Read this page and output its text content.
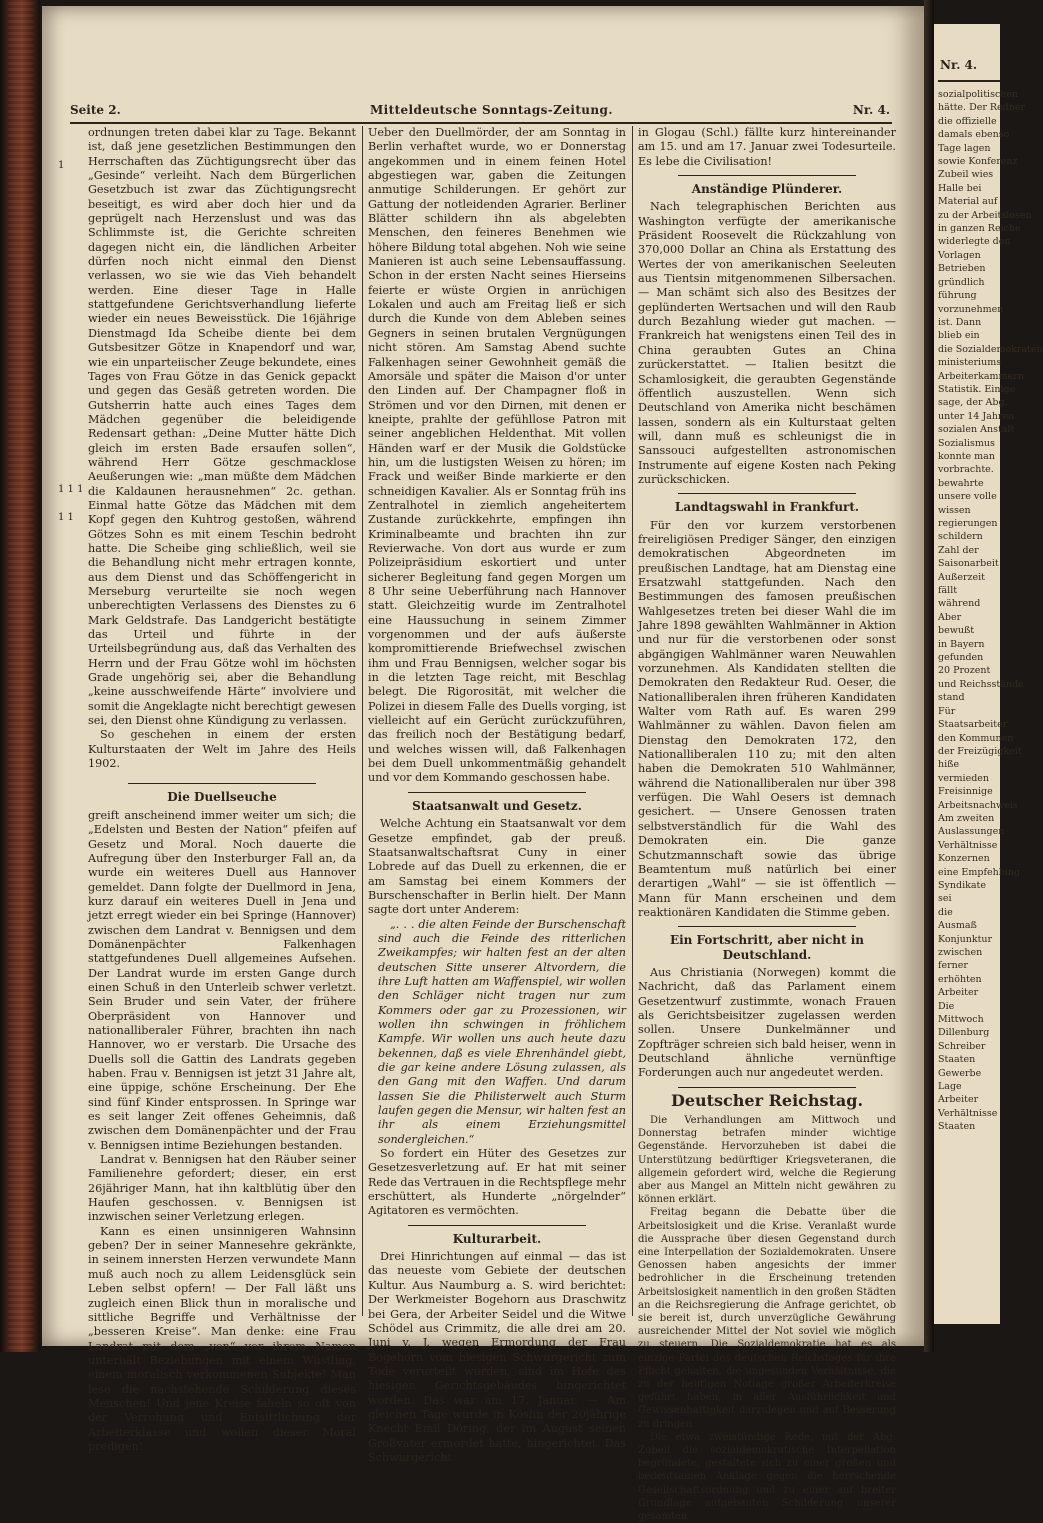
Nr. 4.
sozialpolitischen
hätte. Der Redner
die offizielle
damals ebenso
Tage lagen
sowie Konferenz
Zubeil wies
Halle bei
Material auf
zu der Arbeitslosen
in ganzen Reiche
widerlegte den
Vorlagen
Betrieben
gründlich
führung
vorzunehmen
ist. Dann
blieb ein
die Sozialdemokraten
ministeriums
Arbeiterkammern
Statistik. Einige
sage, der Abg.
unter 14 Jahren
sozialen Anstalt
Sozialismus
konnte man
vorbrachte.
bewahrte
unsere volle
wissen
regierungen
schildern
Zahl der
Saisonarbeit
Außerzeit
fällt
während
Aber
bewußt
in Bayern
gefunden
20 Prozent
und Reichsstände
stand
Für
Staatsarbeiter
den Kommunen
der Freizügigkeit
hiße
vermieden
Freisinnige
Arbeitsnachweis
Am zweiten
Auslassungen
Verhältnisse
Konzernen
eine Empfehlung
Syndikate
sei
die
Ausmaß
Konjunktur
zwischen
ferner
erhöhten
Arbeiter
Die
Mittwoch
Dillenburg
Schreiber
Staaten
Gewerbe
Lage
Arbeiter
Verhältnisse
Staaten
1
1 1 1
1 1
Seite 2.	Mitteldeutsche Sonntags-Zeitung.	Nr. 4.

ordnungen treten dabei klar zu Tage. Bekannt ist, daß jene gesetzlichen Bestimmungen den Herrschaften das Züchtigungsrecht über das „Gesinde“ verleiht. Nach dem Bürgerlichen Gesetzbuch ist zwar das Züchtigungsrecht beseitigt, es wird aber doch hier und da geprügelt nach Herzenslust und was das Schlimmste ist, die Gerichte schreiten dagegen nicht ein, die ländlichen Arbeiter dürfen noch nicht einmal den Dienst verlassen, wo sie wie das Vieh behandelt werden. Eine dieser Tage in Halle stattgefundene Gerichtsverhandlung lieferte wieder ein neues Beweisstück. Die 16jährige Dienstmagd Ida Scheibe diente bei dem Gutsbesitzer Götze in Knapendorf und war, wie ein unparteiischer Zeuge bekundete, eines Tages von Frau Götze in das Genick gepackt und gegen das Gesäß getreten worden. Die Gutsherrin hatte auch eines Tages dem Mädchen gegenüber die beleidigende Redensart gethan: „Deine Mutter hätte Dich gleich im ersten Bade ersaufen sollen“, während Herr Götze geschmacklose Aeußerungen wie: „man müßte dem Mädchen die Kaldaunen herausnehmen“ 2c. gethan. Einmal hatte Götze das Mädchen mit dem Kopf gegen den Kuhtrog gestoßen, während Götzes Sohn es mit einem Teschin bedroht hatte. Die Scheibe ging schließlich, weil sie die Behandlung nicht mehr ertragen konnte, aus dem Dienst und das Schöffengericht in Merseburg verurteilte sie noch wegen unberechtigten Verlassens des Dienstes zu 6 Mark Geldstrafe. Das Landgericht bestätigte das Urteil und führte in der Urteilsbegründung aus, daß das Verhalten des Herrn und der Frau Götze wohl im höchsten Grade ungehörig sei, aber die Behandlung „keine ausschweifende Härte“ involviere und somit die Angeklagte nicht berechtigt gewesen sei, den Dienst ohne Kündigung zu verlassen.

So geschehen in einem der ersten Kulturstaaten der Welt im Jahre des Heils 1902.

Die Duellseuche

greift anscheinend immer weiter um sich; die „Edelsten und Besten der Nation“ pfeifen auf Gesetz und Moral. Noch dauerte die Aufregung über den Insterburger Fall an, da wurde ein weiteres Duell aus Hannover gemeldet. Dann folgte der Duellmord in Jena, kurz darauf ein weiteres Duell in Jena und jetzt erregt wieder ein bei Springe (Hannover) zwischen dem Landrat v. Bennigsen und dem Domänenpächter Falkenhagen stattgefundenes Duell allgemeines Aufsehen. Der Landrat wurde im ersten Gange durch einen Schuß in den Unterleib schwer verletzt. Sein Bruder und sein Vater, der frühere Oberpräsident von Hannover und nationalliberaler Führer, brachten ihn nach Hannover, wo er verstarb. Die Ursache des Duells soll die Gattin des Landrats gegeben haben. Frau v. Bennigsen ist jetzt 31 Jahre alt, eine üppige, schöne Erscheinung. Der Ehe sind fünf Kinder entsprossen. In Springe war es seit langer Zeit offenes Geheimnis, daß zwischen dem Domänenpächter und der Frau v. Bennigsen intime Beziehungen bestanden.

Landrat v. Bennigsen hat den Räuber seiner Familienehre gefordert; dieser, ein erst 26jähriger Mann, hat ihn kaltblütig über den Haufen geschossen. v. Bennigsen ist inzwischen seiner Verletzung erlegen.

Kann es einen unsinnigeren Wahnsinn geben? Der in seiner Mannesehre gekränkte, in seinem innersten Herzen verwundete Mann muß auch noch zu allem Leidensglück sein Leben selbst opfern! — Der Fall läßt uns zugleich einen Blick thun in moralische und sittliche Begriffe und Verhältnisse der „besseren Kreise“. Man denke: eine Frau Landrat mit dem „von“ vor ihrem Namen unterhält Beziehungen mit einem Wüstling, einem moralisch verkommenen Subjekte! Man lese die nachstehende Schilderung dieses Menschen! Und jene Kreise fabeln so oft von der Verrohung und Entsittlichung der Arbeiterklasse und wollen dieser Moral predigen!

Ueber den Duellmörder, der am Sonntag in Berlin verhaftet wurde, wo er Donnerstag angekommen und in einem feinen Hotel abgestiegen war, gaben die Zeitungen anmutige Schilderungen. Er gehört zur Gattung der notleidenden Agrarier. Berliner Blätter schildern ihn als abgelebten Menschen, den feineres Benehmen wie höhere Bildung total abgehen. Noh wie seine Manieren ist auch seine Lebensauffassung. Schon in der ersten Nacht seines Hierseins feierte er wüste Orgien in anrüchigen Lokalen und auch am Freitag ließ er sich durch die Kunde von dem Ableben seines Gegners in seinen brutalen Vergnügungen nicht stören. Am Samstag Abend suchte Falkenhagen seiner Gewohnheit gemäß die Amorsäle und später die Maison d'or unter den Linden auf. Der Champagner floß in Strömen und vor den Dirnen, mit denen er kneipte, prahlte der gefühllose Patron mit seiner angeblichen Heldenthat. Mit vollen Händen warf er der Musik die Goldstücke hin, um die lustigsten Weisen zu hören; im Frack und weißer Binde markierte er den schneidigen Kavalier. Als er Sonntag früh ins Zentralhotel in ziemlich angeheitertem Zustande zurückkehrte, empfingen ihn Kriminalbeamte und brachten ihn zur Revierwache. Von dort aus wurde er zum Polizeipräsidium eskortiert und unter sicherer Begleitung fand gegen Morgen um 8 Uhr seine Ueberführung nach Hannover statt. Gleichzeitig wurde im Zentralhotel eine Haussuchung in seinem Zimmer vorgenommen und der aufs äußerste kompromittierende Briefwechsel zwischen ihm und Frau Bennigsen, welcher sogar bis in die letzten Tage reicht, mit Beschlag belegt. Die Rigorosität, mit welcher die Polizei in diesem Falle des Duells vorging, ist vielleicht auf ein Gerücht zurückzuführen, das freilich noch der Bestätigung bedarf, und welches wissen will, daß Falkenhagen bei dem Duell unkommentmäßig gehandelt und vor dem Kommando geschossen habe.

Staatsanwalt und Gesetz.

Welche Achtung ein Staatsanwalt vor dem Gesetze empfindet, gab der preuß. Staatsanwaltschaftsrat Cuny in einer Lobrede auf das Duell zu erkennen, die er am Samstag bei einem Kommers der Burschenschafter in Berlin hielt. Der Mann sagte dort unter Anderem:

„. . . die alten Feinde der Burschenschaft sind auch die Feinde des ritterlichen Zweikampfes; wir halten fest an der alten deutschen Sitte unserer Altvordern, die ihre Luft hatten am Waffenspiel, wir wollen den Schläger nicht tragen nur zum Kommers oder gar zu Prozessionen, wir wollen ihn schwingen in fröhlichem Kampfe. Wir wollen uns auch heute dazu bekennen, daß es viele Ehrenhändel giebt, die gar keine andere Lösung zulassen, als den Gang mit den Waffen. Und darum lassen Sie die Philisterwelt auch Sturm laufen gegen die Mensur, wir halten fest an ihr als einem Erziehungsmittel sondergleichen.“

So fordert ein Hüter des Gesetzes zur Gesetzesverletzung auf. Er hat mit seiner Rede das Vertrauen in die Rechtspflege mehr erschüttert, als Hunderte „nörgelnder“ Agitatoren es vermöchten.

Kulturarbeit.

Drei Hinrichtungen auf einmal — das ist das neueste vom Gebiete der deutschen Kultur. Aus Naumburg a. S. wird berichtet: Der Werkmeister Bogehorn aus Draschwitz bei Gera, der Arbeiter Seidel und die Witwe Schödel aus Crimmitz, die alle drei am 20. Juni v. J. wegen Ermordung der Frau Bogehorn vom hiesigen Schwurgericht zum Tode verurteilt wurden, sind im Hofe des hiesigen Gerichtsgebäudes hingerichtet worden. Das war am 17. Januar. — Am gleichen Tage wurde in Köslin der 20jährige Knecht Emil Döring, der im August seinen Großvater ermordet hatte, hingerichtet. Das Schwurgericht

in Glogau (Schl.) fällte kurz hintereinander am 15. und am 17. Januar zwei Todesurteile. Es lebe die Civilisation!

Anständige Plünderer.

Nach telegraphischen Berichten aus Washington verfügte der amerikanische Präsident Roosevelt die Rückzahlung von 370,000 Dollar an China als Erstattung des Wertes der von amerikanischen Seeleuten aus Tientsin mitgenommenen Silbersachen. — Man schämt sich also des Besitzes der geplünderten Wertsachen und will den Raub durch Bezahlung wieder gut machen. — Frankreich hat wenigstens einen Teil des in China geraubten Gutes an China zurückerstattet. — Italien besitzt die Schamlosigkeit, die geraubten Gegenstände öffentlich auszustellen. Wenn sich Deutschland von Amerika nicht beschämen lassen, sondern als ein Kulturstaat gelten will, dann muß es schleunigst die in Sanssouci aufgestellten astronomischen Instrumente auf eigene Kosten nach Peking zurückschicken.

Landtagswahl in Frankfurt.

Für den vor kurzem verstorbenen freireligiösen Prediger Sänger, den einzigen demokratischen Abgeordneten im preußischen Landtage, hat am Dienstag eine Ersatzwahl stattgefunden. Nach den Bestimmungen des famosen preußischen Wahlgesetzes treten bei dieser Wahl die im Jahre 1898 gewählten Wahlmänner in Aktion und nur für die verstorbenen oder sonst abgängigen Wahlmänner waren Neuwahlen vorzunehmen. Als Kandidaten stellten die Demokraten den Redakteur Rud. Oeser, die Nationalliberalen ihren früheren Kandidaten Walter vom Rath auf. Es waren 299 Wahlmänner zu wählen. Davon fielen am Dienstag den Demokraten 172, den Nationalliberalen 110 zu; mit den alten haben die Demokraten 510 Wahlmänner, während die Nationalliberalen nur über 398 verfügen. Die Wahl Oesers ist demnach gesichert. — Unsere Genossen traten selbstverständlich für die Wahl des Demokraten ein. Die ganze Schutzmannschaft sowie das übrige Beamtentum muß natürlich bei einer derartigen „Wahl“ — sie ist öffentlich — Mann für Mann erscheinen und dem reaktionären Kandidaten die Stimme geben.

Ein Fortschritt, aber nicht in Deutschland.

Aus Christiania (Norwegen) kommt die Nachricht, daß das Parlament einem Gesetzentwurf zustimmte, wonach Frauen als Gerichtsbeisitzer zugelassen werden sollen. Unsere Dunkelmänner und Zopfträger schreien sich bald heiser, wenn in Deutschland ähnliche vernünftige Forderungen auch nur angedeutet werden.

Deutscher Reichstag.

Die Verhandlungen am Mittwoch und Donnerstag betrafen minder wichtige Gegenstände. Hervorzuheben ist dabei die Unterstützung bedürftiger Kriegsveteranen, die allgemein gefordert wird, welche die Regierung aber aus Mangel an Mitteln nicht gewähren zu können erklärt.

Freitag begann die Debatte über die Arbeitslosigkeit und die Krise. Veranlaßt wurde die Aussprache über diesen Gegenstand durch eine Interpellation der Sozialdemokraten. Unsere Genossen haben angesichts der immer bedrohlicher in die Erscheinung tretenden Arbeitslosigkeit namentlich in den großen Städten an die Reichsregierung die Anfrage gerichtet, ob sie bereit ist, durch unverzügliche Gewährung ausreichender Mittel der Not soviel wie möglich zu steuern. Die Sozialdemokratie hat es als einzige Partei des deutschen Reichstages für ihre Pflicht gehalten, die ungesunden Verhältnisse, die zu der heutigen Notlage großer Arbeiterkreise geführt haben, in aller Ausführlichkeit und Gewissenhaftigkeit darzulegen und auf Besserung zu dringen.

Die etwa zweistündige Rede, mit der Abg. Zubeil die sozialdemokratische Interpellation begründete, gestaltete sich zu einer großen und bedeutsamen Anklage gegen die herrschende Gesellschaftsordnung und zu einer auf breiter Grundlage aufgebauten Schilderung unserer gesamten
